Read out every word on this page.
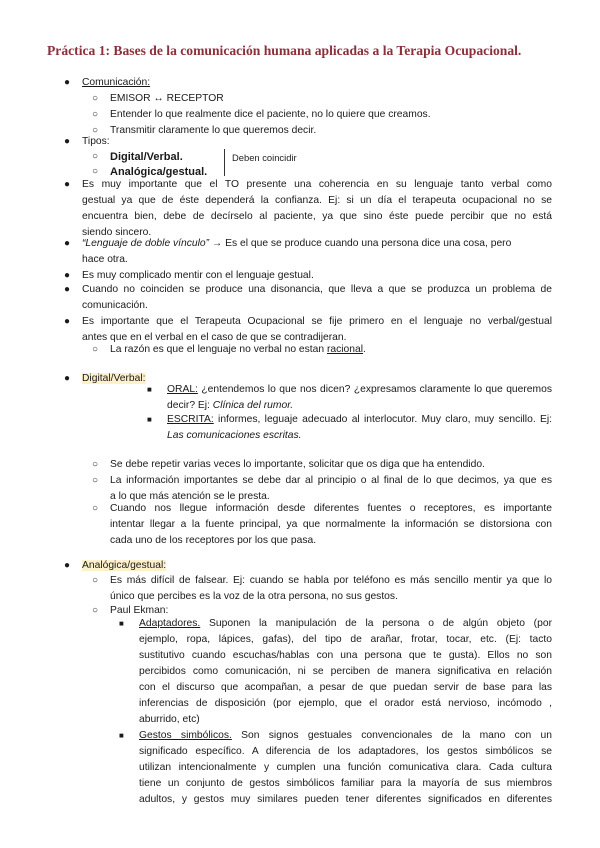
Práctica 1: Bases de la comunicación humana aplicadas a la Terapia Ocupacional.
● Comunicación:
○ EMISOR ↔ RECEPTOR
○ Entender lo que realmente dice el paciente, no lo quiere que creamos.
○ Transmitir claramente lo que queremos decir.
● Tipos:
○ Digital/Verbal.
○ Analógica/gestual.
Deben coincidir
● Es muy importante que el TO presente una coherencia en su lenguaje tanto verbal como
gestual ya que de éste dependerá la confianza. Ej: si un día el terapeuta ocupacional no se
encuentra bien, debe de decírselo al paciente, ya que sino éste puede percibir que no está
siendo sincero.
● “Lenguaje de doble vínculo” → Es el que se produce cuando una persona dice una cosa, pero
hace otra.
● Es muy complicado mentir con el lenguaje gestual.
● Cuando no coinciden se produce una disonancia, que lleva a que se produzca un problema de
comunicación.
● Es importante que el Terapeuta Ocupacional se fije primero en el lenguaje no verbal/gestual
antes que en el verbal en el caso de que se contradijeran.
○ La razón es que el lenguaje no verbal no estan racional.
● Digital/Verbal:
■ ORAL: ¿entendemos lo que nos dicen? ¿expresamos claramente lo que queremos
decir? Ej: Clínica del rumor.
■ ESCRITA: informes, leguaje adecuado al interlocutor. Muy claro, muy sencillo. Ej:
Las comunicaciones escritas.
○ Se debe repetir varias veces lo importante, solicitar que os diga que ha entendido.
○ La información importantes se debe dar al principio o al final de lo que decimos, ya que es
a lo que más atención se le presta.
○ Cuando nos llegue información desde diferentes fuentes o receptores, es importante
intentar llegar a la fuente principal, ya que normalmente la información se distorsiona con
cada uno de los receptores por los que pasa.
● Analógica/gestual:
○ Es más difícil de falsear. Ej: cuando se habla por teléfono es más sencillo mentir ya que lo
único que percibes es la voz de la otra persona, no sus gestos.
○ Paul Ekman:
■ Adaptadores. Suponen la manipulación de la persona o de algún objeto (por
ejemplo, ropa, lápices, gafas), del tipo de arañar, frotar, tocar, etc. (Ej: tacto
sustitutivo cuando escuchas/hablas con una persona que te gusta). Ellos no son
percibidos como comunicación, ni se perciben de manera significativa en relación
con el discurso que acompañan, a pesar de que puedan servir de base para las
inferencias de disposición (por ejemplo, que el orador está nervioso, incómodo ,
aburrido, etc)
■ Gestos simbólicos. Son signos gestuales convencionales de la mano con un
significado específico. A diferencia de los adaptadores, los gestos simbólicos se
utilizan intencionalmente y cumplen una función comunicativa clara. Cada cultura
tiene un conjunto de gestos simbólicos familiar para la mayoría de sus miembros
adultos, y gestos muy similares pueden tener diferentes significados en diferentes
